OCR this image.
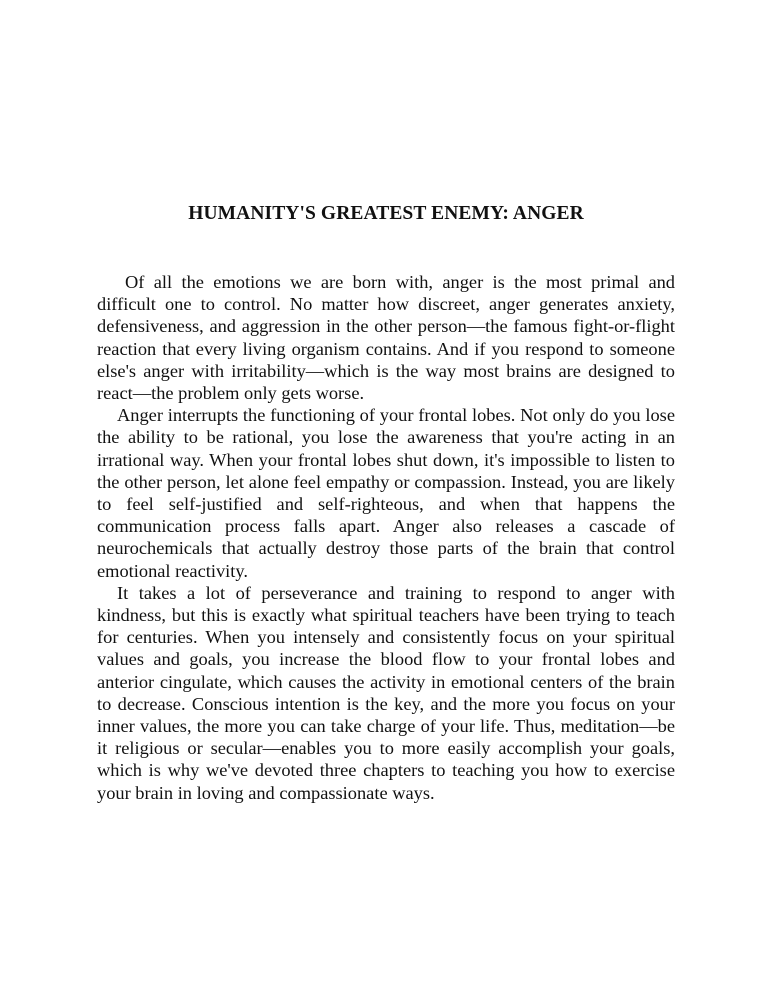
HUMANITY'S GREATEST ENEMY: ANGER

Of all the emotions we are born with, anger is the most primal and difficult one to control. No matter how discreet, anger generates anxiety, defensiveness, and aggression in the other person—the famous fight-or-flight reaction that every living organism contains. And if you respond to someone else's anger with irritability—which is the way most brains are designed to react—the problem only gets worse.

Anger interrupts the functioning of your frontal lobes. Not only do you lose the ability to be rational, you lose the awareness that you're acting in an irrational way. When your frontal lobes shut down, it's impossible to listen to the other person, let alone feel empathy or compassion. Instead, you are likely to feel self-justified and self-righteous, and when that happens the communication process falls apart. Anger also releases a cascade of neurochemicals that actually destroy those parts of the brain that control emotional reactivity.

It takes a lot of perseverance and training to respond to anger with kindness, but this is exactly what spiritual teachers have been trying to teach for centuries. When you intensely and consistently focus on your spiritual values and goals, you increase the blood flow to your frontal lobes and anterior cingulate, which causes the activity in emotional centers of the brain to decrease. Conscious intention is the key, and the more you focus on your inner values, the more you can take charge of your life. Thus, meditation—be it religious or secular—enables you to more easily accomplish your goals, which is why we've devoted three chapters to teaching you how to exercise your brain in loving and compassionate ways.
